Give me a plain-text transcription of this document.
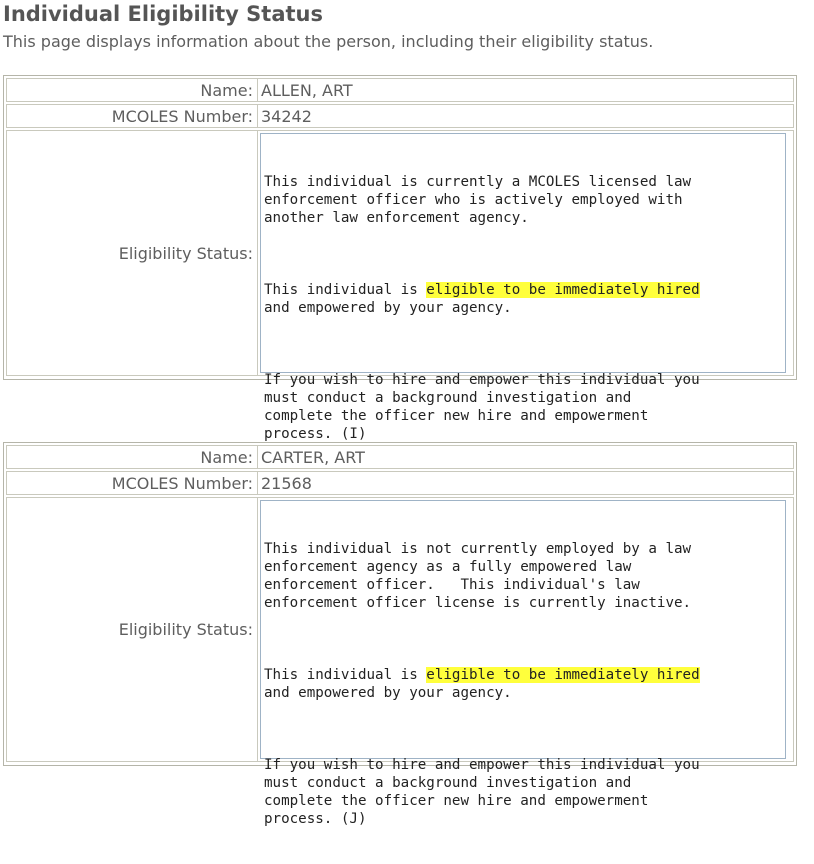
Individual Eligibility Status

This page displays information about the person, including their eligibility status.

Name: ALLEN, ART
MCOLES Number: 34242
Eligibility Status:

This individual is currently a MCOLES licensed law
enforcement officer who is actively employed with
another law enforcement agency.

This individual is eligible to be immediately hired
and empowered by your agency.

If you wish to hire and empower this individual you
must conduct a background investigation and
complete the officer new hire and empowerment
process. (I)

Name: CARTER, ART
MCOLES Number: 21568
Eligibility Status:

This individual is not currently employed by a law
enforcement agency as a fully empowered law
enforcement officer.   This individual's law
enforcement officer license is currently inactive.

This individual is eligible to be immediately hired
and empowered by your agency.

If you wish to hire and empower this individual you
must conduct a background investigation and
complete the officer new hire and empowerment
process. (J)
